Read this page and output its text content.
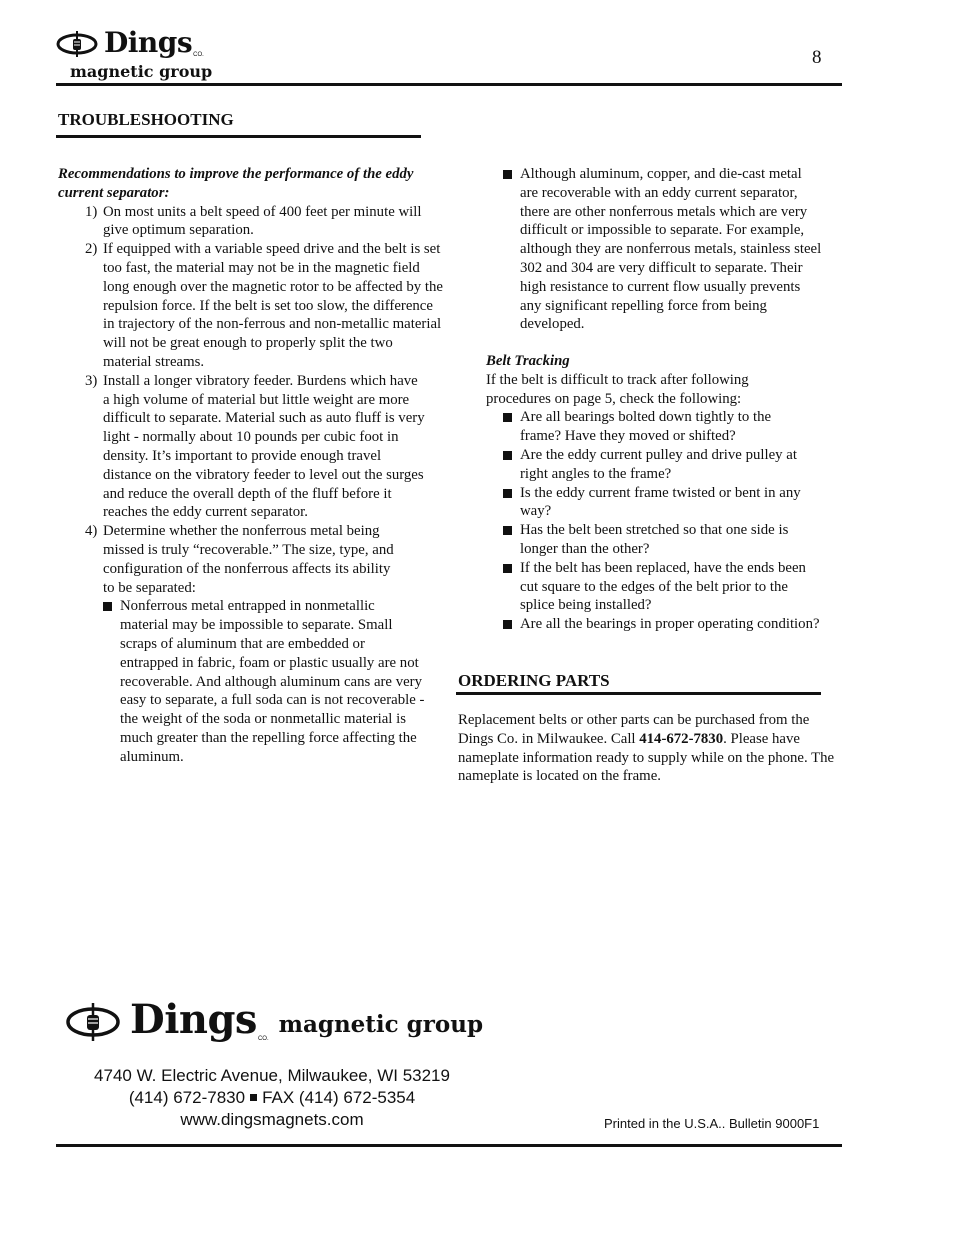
Dings CO.
magnetic group
8
TROUBLESHOOTING

Recommendations to improve the performance of the eddy current separator:

1) On most units a belt speed of 400 feet per minute will give optimum separation.
2) If equipped with a variable speed drive and the belt is set too fast, the material may not be in the magnetic field long enough over the magnetic rotor to be affected by the repulsion force. If the belt is set too slow, the difference in trajectory of the non-ferrous and non-metallic material will not be great enough to properly split the two material streams.
3) Install a longer vibratory feeder. Burdens which have a high volume of material but little weight are more difficult to separate. Material such as auto fluff is very light - normally about 10 pounds per cubic foot in density. It’s important to provide enough travel distance on the vibratory feeder to level out the surges and reduce the overall depth of the fluff before it reaches the eddy current separator.
4) Determine whether the nonferrous metal being missed is truly “recoverable.” The size, type, and configuration of the nonferrous affects its ability to be separated:
Nonferrous metal entrapped in nonmetallic material may be impossible to separate. Small scraps of aluminum that are embedded or entrapped in fabric, foam or plastic usually are not recoverable. And although aluminum cans are very easy to separate, a full soda can is not recoverable - the weight of the soda or nonmetallic material is much greater than the repelling force affecting the aluminum.
Although aluminum, copper, and die-cast metal are recoverable with an eddy current separator, there are other nonferrous metals which are very difficult or impossible to separate. For example, although they are nonferrous metals, stainless steel 302 and 304 are very difficult to separate. Their high resistance to current flow usually prevents any significant repelling force from being developed.

Belt Tracking

If the belt is difficult to track after following procedures on page 5, check the following:

Are all bearings bolted down tightly to the frame? Have they moved or shifted?
Are the eddy current pulley and drive pulley at right angles to the frame?
Is the eddy current frame twisted or bent in any way?
Has the belt been stretched so that one side is longer than the other?
If the belt has been replaced, have the ends been cut square to the edges of the belt prior to the splice being installed?
Are all the bearings in proper operating condition?
ORDERING PARTS
Replacement belts or other parts can be purchased from the Dings Co. in Milwaukee. Call 414-672-7830. Please have nameplate information ready to supply while on the phone. The nameplate is located on the frame.
Dings CO.
magnetic group
4740 W. Electric Avenue, Milwaukee, WI 53219
(414) 672-7830 FAX (414) 672-5354
www.dingsmagnets.com	Printed in the U.S.A.. Bulletin 9000F1
